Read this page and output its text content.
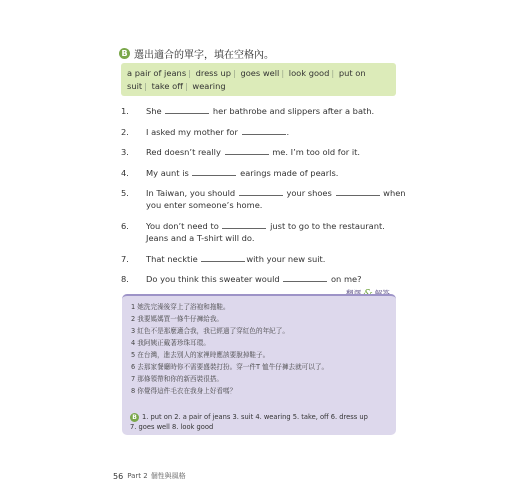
B 選出適合的單字，填在空格內。
a pair of jeans | dress up | goes well | look good | put on
suit | take off | wearing
1.	She	her bathrobe and slippers after a bath.
2.	I asked my mother for	.
3.	Red doesn’t really	me. I’m too old for it.
4.	My aunt is	earings made of pearls.
5.	In Taiwan, you should	your shoes	when
you enter someone’s home.
6.	You don’t need to	just to go to the restaurant.
Jeans and a T-shirt will do.
7.	That necktie	with your new suit.
8.	Do you think this sweater would	on me?
1 她洗完澡後穿上了浴袍和拖鞋。
2 我要媽媽買一條牛仔褲給我。
3 紅色不是那麼適合我，我已經過了穿紅色的年紀了。
4 我阿姨正戴著珍珠耳環。
5 在台灣，進去別人的家裡時應該要脫掉鞋子。
6 去那家餐廳時你不需要盛裝打扮。穿一件T 恤牛仔褲去就可以了。
7 那條領帶和你的新西裝很搭。
8 你覺得這件毛衣在我身上好看嗎？
B 1. put on 2. a pair of jeans 3. suit 4. wearing 5. take, off 6. dress up
7. goes well 8. look good
56 Part 2 個性與風格
